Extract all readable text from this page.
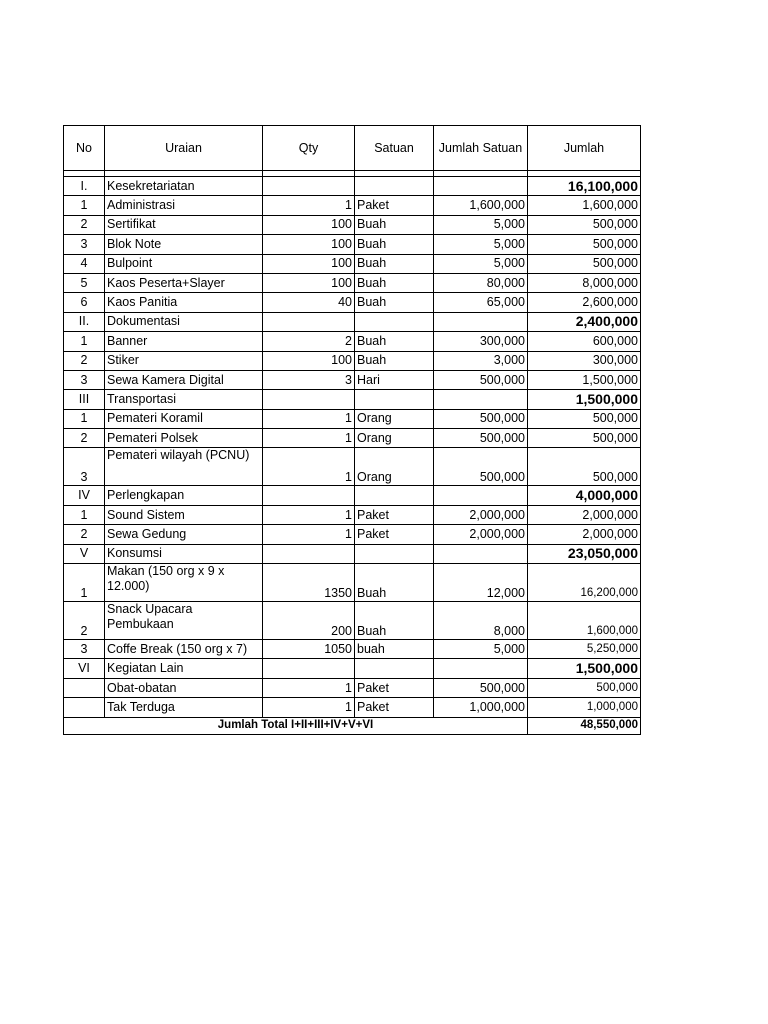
No	Uraian	Qty	Satuan	Jumlah Satuan	Jumlah

I.	Kesekretariatan				16,100,000
1	Administrasi	1	Paket	1,600,000	1,600,000
2	Sertifikat	100	Buah	5,000	500,000
3	Blok Note	100	Buah	5,000	500,000
4	Bulpoint	100	Buah	5,000	500,000
5	Kaos Peserta+Slayer	100	Buah	80,000	8,000,000
6	Kaos Panitia	40	Buah	65,000	2,600,000
II.	Dokumentasi				2,400,000
1	Banner	2	Buah	300,000	600,000
2	Stiker	100	Buah	3,000	300,000
3	Sewa Kamera Digital	3	Hari	500,000	1,500,000
III	Transportasi				1,500,000
1	Pemateri Koramil	1	Orang	500,000	500,000
2	Pemateri Polsek	1	Orang	500,000	500,000
3	Pemateri wilayah (PCNU)	1	Orang	500,000	500,000
IV	Perlengkapan				4,000,000
1	Sound Sistem	1	Paket	2,000,000	2,000,000
2	Sewa Gedung	1	Paket	2,000,000	2,000,000
V	Konsumsi				23,050,000
1	Makan (150 org x 9 x 12.000)	1350	Buah	12,000	16,200,000
2	Snack Upacara Pembukaan	200	Buah	8,000	1,600,000
3	Coffe Break (150 org x 7)	1050	buah	5,000	5,250,000
VI	Kegiatan Lain				1,500,000
	Obat-obatan	1	Paket	500,000	500,000
	Tak Terduga	1	Paket	1,000,000	1,000,000
Jumlah Total I+II+III+IV+V+VI					48,550,000
